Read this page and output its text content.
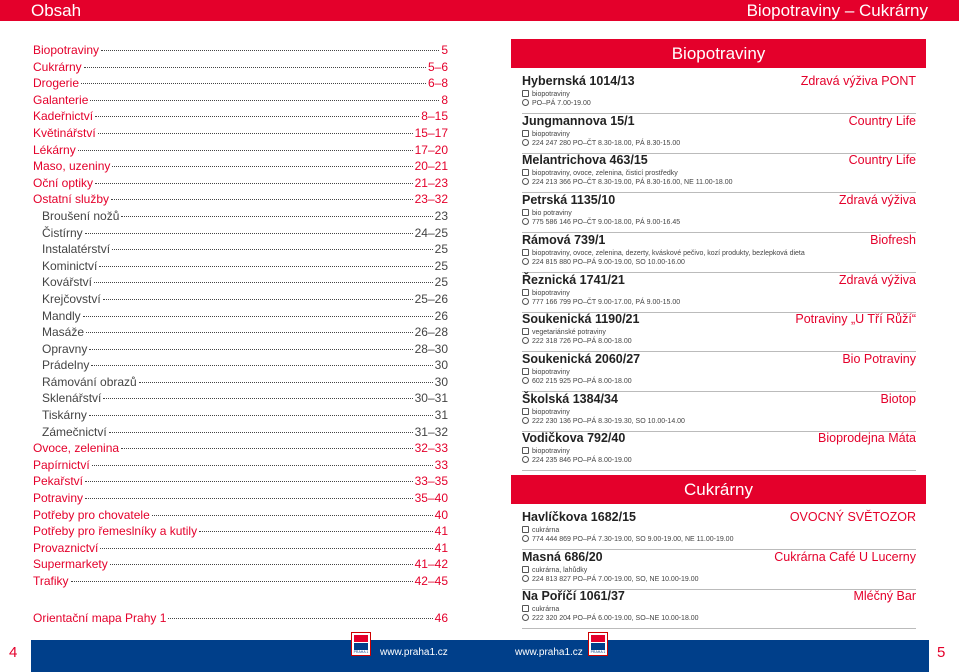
Obsah	Biopotraviny – Cukrárny
Biopotraviny	5
Cukrárny	5–6
Drogerie	6–8
Galanterie	8
Kadeřnictví	8–15
Květinářství	15–17
Lékárny	17–20
Maso, uzeniny	20–21
Oční optiky	21–23
Ostatní služby	23–32
Broušení nožů	23
Čistírny	24–25
Instalatérství	25
Kominictví	25
Kovářství	25
Krejčovství	25–26
Mandly	26
Masáže	26–28
Opravny	28–30
Prádelny	30
Rámování obrazů	30
Sklenářství	30–31
Tiskárny	31
Zámečnictví	31–32
Ovoce, zelenina	32–33
Papírnictví	33
Pekařství	33–35
Potraviny	35–40
Potřeby pro chovatele	40
Potřeby pro řemeslníky a kutily	41
Provaznictví	41
Supermarkety	41–42
Trafiky	42–45
Orientační mapa Prahy 1	46
Biopotraviny
Hybernská 1014/13	Zdravá výživa PONT
biopotraviny
PO–PÁ 7.00-19.00
Jungmannova 15/1	Country Life
biopotraviny
224 247 280 PO–ČT 8.30-18.00, PÁ 8.30-15.00
Melantrichova 463/15	Country Life
biopotraviny, ovoce, zelenina, čisticí prostředky
224 213 366 PO–ČT 8.30-19.00, PÁ 8.30-16.00, NE 11.00-18.00
Petrská 1135/10	Zdravá výživa
bio potraviny
775 586 146 PO–ČT 9.00-18.00, PÁ 9.00-16.45
Rámová 739/1	Biofresh
biopotraviny, ovoce, zelenina, dezerty, kváskové pečivo, kozí produkty, bezlepková dieta
224 815 880 PO–PÁ 9.00-19.00, SO 10.00-16.00
Řeznická 1741/21	Zdravá výživa
biopotraviny
777 166 799 PO–ČT 9.00-17.00, PÁ 9.00-15.00
Soukenická 1190/21	Potraviny „U Tří Růží“
vegetariánské potraviny
222 318 726 PO–PÁ 8.00-18.00
Soukenická 2060/27	Bio Potraviny
biopotraviny
602 215 925 PO–PÁ 8.00-18.00
Školská 1384/34	Biotop
biopotraviny
222 230 136 PO–PÁ 8.30-19.30, SO 10.00-14.00
Vodičkova 792/40	Bioprodejna Máta
biopotraviny
224 235 846 PO–PÁ 8.00-19.00
Cukrárny
Havlíčkova 1682/15	OVOCNÝ SVĚTOZOR
cukrárna
774 444 869 PO–PÁ 7.30-19.00, SO 9.00-19.00, NE 11.00-19.00
Masná 686/20	Cukrárna Café U Lucerny
cukrárna, lahůdky
224 813 827 PO–PÁ 7.00-19.00, SO, NE 10.00-19.00
Na Poříčí 1061/37	Mléčný Bar
cukrárna
222 320 204 PO–PÁ 6.00-19.00, SO–NE 10.00-18.00
4	5
PRAHA 1	PRAHA 1
www.praha1.cz	www.praha1.cz
